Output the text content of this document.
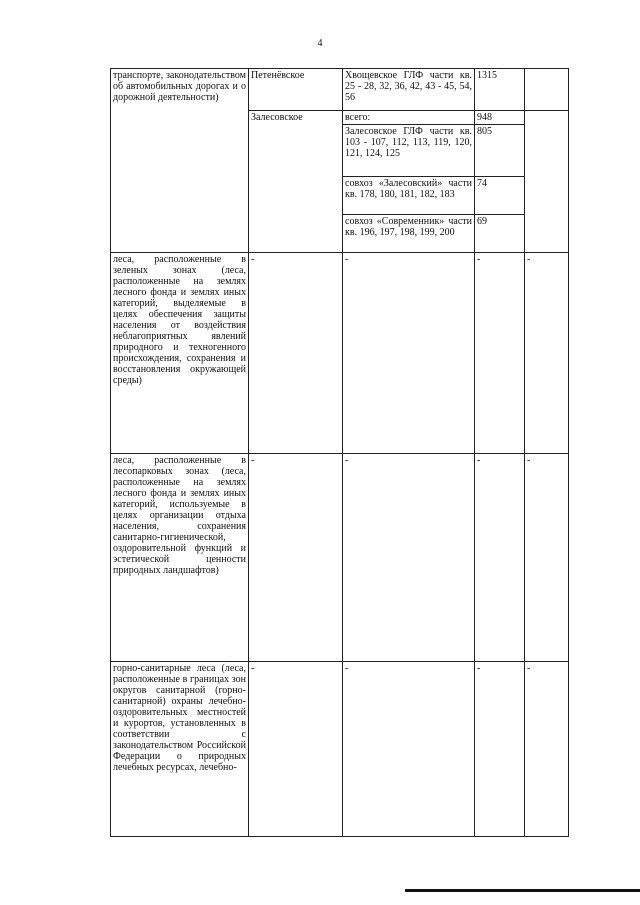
4
транспорте, законодательством об автомобильных дорогах и о дорожной деятельности)	Петенёвское	Хвощевское ГЛФ части кв. 25 - 28, 32, 36, 42, 43 - 45, 54, 56	1315	
	Залесовское	всего:	948	
		Залесовское ГЛФ части кв. 103 - 107, 112, 113, 119, 120, 121, 124, 125	805	
		совхоз «Залесовский» части кв. 178, 180, 181, 182, 183	74	
		совхоз «Современник» части кв. 196, 197, 198, 199, 200	69	
леса, расположенные в зеленых зонах (леса, расположенные на землях лесного фонда и землях иных категорий, выделяемые в целях обеспечения защиты населения от воздействия неблагоприятных явлений природного и техногенного происхождения, сохранения и восстановления окружающей среды)	-	-	-	-
леса, расположенные в лесопарковых зонах (леса, расположенные на землях лесного фонда и землях иных категорий, используемые в целях организации отдыха населения, сохранения санитарно-гигиенической, оздоровительной функций и эстетической ценности природных ландшафтов)	-	-	-	-
горно-санитарные леса (леса, расположенные в границах зон округов санитарной (горно-санитарной) охраны лечебно-оздоровительных местностей и курортов, установленных в соответствии с законодательством Российской Федерации о природных лечебных ресурсах, лечебно-	-	-	-	-
